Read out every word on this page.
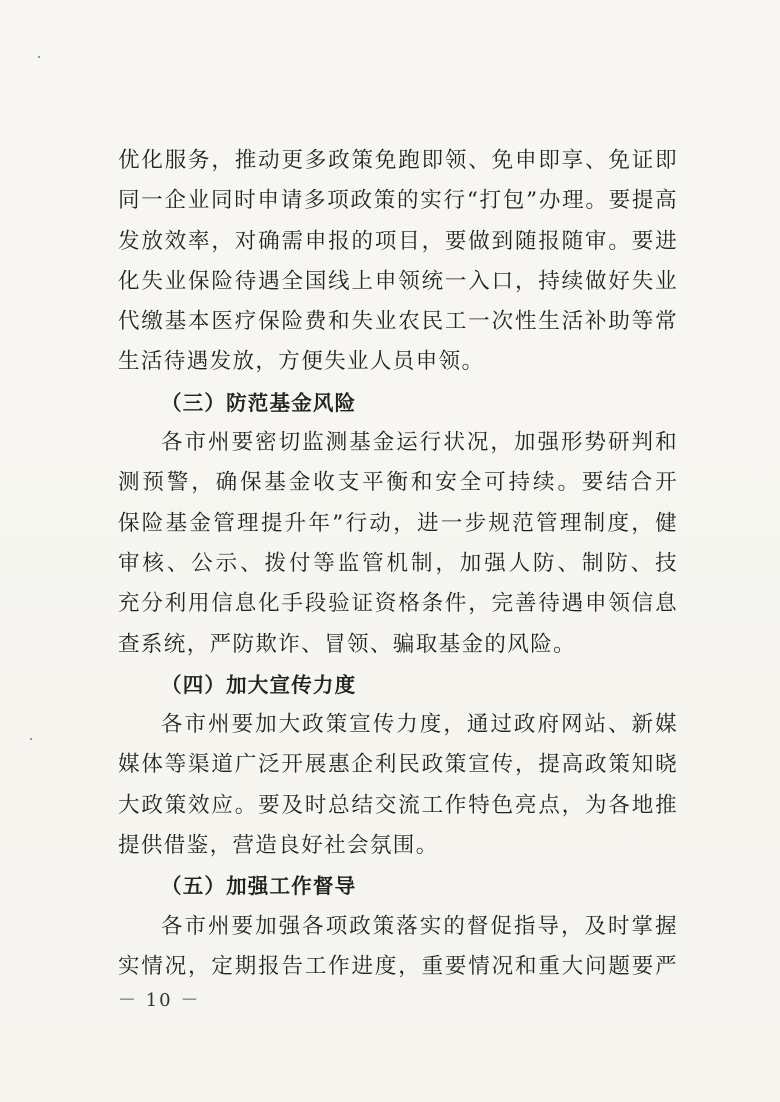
优化服务，推动更多政策免跑即领、免申即享、免证即
同一企业同时申请多项政策的实行“打包”办理。要提高
发放效率，对确需申报的项目，要做到随报随审。要进
化失业保险待遇全国线上申领统一入口，持续做好失业
代缴基本医疗保险费和失业农民工一次性生活补助等常
生活待遇发放，方便失业人员申领。
（三）防范基金风险
各市州要密切监测基金运行状况，加强形势研判和
测预警，确保基金收支平衡和安全可持续。要结合开
保险基金管理提升年”行动，进一步规范管理制度，健
审核、公示、拨付等监管机制，加强人防、制防、技
充分利用信息化手段验证资格条件，完善待遇申领信息
查系统，严防欺诈、冒领、骗取基金的风险。
（四）加大宣传力度
各市州要加大政策宣传力度，通过政府网站、新媒
媒体等渠道广泛开展惠企利民政策宣传，提高政策知晓
大政策效应。要及时总结交流工作特色亮点，为各地推
提供借鉴，营造良好社会氛围。
（五）加强工作督导
各市州要加强各项政策落实的督促指导，及时掌握
实情况，定期报告工作进度，重要情况和重大问题要严
－ 10 －
